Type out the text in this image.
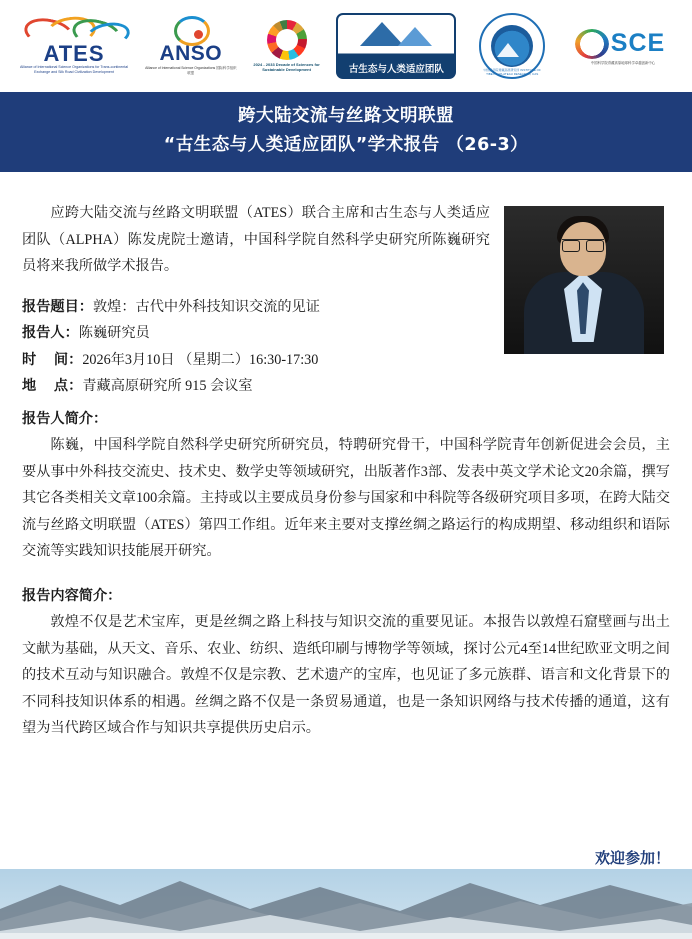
ATES
Alliance of International Science Organizations for Trans-continental Exchange and Silk Road Civilization Development
ANSO
Alliance of International Science Organizations 国际科学组织联盟
2024 - 2033 Decade of Sciences for Sustainable Development	古生态与人类适应团队	中国科学院青藏高原研究所 INSTITUTE OF TIBETAN PLATEAU RESEARCH, CAS
SCE
中国科学院青藏高原地球科学卓越创新中心
跨大陆交流与丝路文明联盟
“古生态与人类适应团队”学术报告 （26-3）

应跨大陆交流与丝路文明联盟（ATES）联合主席和古生态与人类适应团队（ALPHA）陈发虎院士邀请，中国科学院自然科学史研究所陈巍研究员将来我所做学术报告。

报告题目：敦煌：古代中外科技知识交流的见证

报告人：陈巍研究员

时　 间：2026年3月10日 （星期二）16:30-17:30

地　 点：青藏高原研究所 915 会议室

报告人简介：

陈巍，中国科学院自然科学史研究所研究员，特聘研究骨干，中国科学院青年创新促进会会员，主要从事中外科技交流史、技术史、数学史等领域研究，出版著作3部、发表中英文学术论文20余篇，撰写其它各类相关文章100余篇。主持或以主要成员身份参与国家和中科院等各级研究项目多项，在跨大陆交流与丝路文明联盟（ATES）第四工作组。近年来主要对支撑丝绸之路运行的构成期望、移动组织和语际交流等实践知识技能展开研究。

报告内容简介：

敦煌不仅是艺术宝库，更是丝绸之路上科技与知识交流的重要见证。本报告以敦煌石窟壁画与出土文献为基础，从天文、音乐、农业、纺织、造纸印刷与博物学等领域，探讨公元4至14世纪欧亚文明之间的技术互动与知识融合。敦煌不仅是宗教、艺术遗产的宝库，也见证了多元族群、语言和文化背景下的不同科技知识体系的相遇。丝绸之路不仅是一条贸易通道，也是一条知识网络与技术传播的通道，这有望为当代跨区域合作与知识共享提供历史启示。

欢迎参加！
